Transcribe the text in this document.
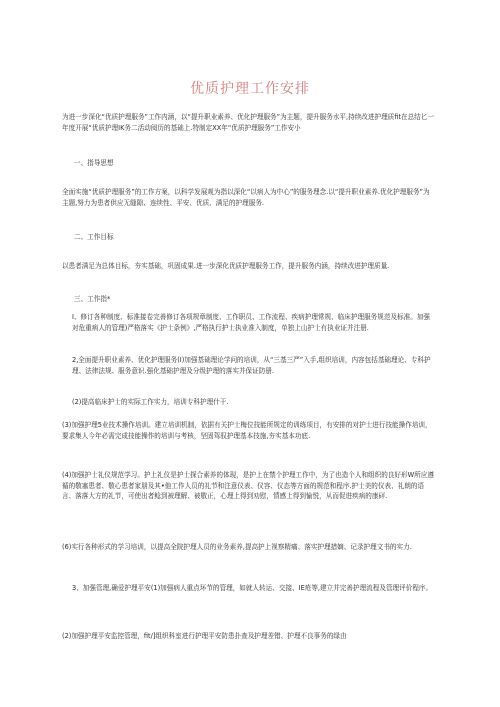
优质护理工作安排

为进一步深化“优质护理服务”工作内涵，以“提升职业素养、优化护理服务”为主题，提升服务水平,持续改进护理质fit在总结匕一年度开展“优质护理IK务二活动阅历的基础上.特制定XX年“优质护理服务”工作安小

一、指导思想

全面实施“优质护理服务”的工作方案，以科学发展观为指以深化“以病人为中心”的服务理念.以“提升职业素养.优化护理服务”为主题,努力为患者供应无缝隙、连续性、平安、优质、满足的护理服务.

二、工作目标

以患者满足为总体目标，夯实基础，巩固成果.进一步深化优质护理服务工作，提升服务内涵，持续改进护理质量.

三、工作指*

I、修订各种制度、标准接卷完善修订各项规章制度、工作职员、工作流程、疾病护理常规、临床护理服务规范及标准。加强对危重病人的管理)严格落实《护士条例》,严格执行护士执业准入制度，单独上山护士有执业证并注册.

2,全面提升职业素养、优化护理服务(I)加强基础理论学问的培训，从“三基三严”入手,组织培训，内容包括基础理论、专科护理、法律法规、服务意识.强化基础护理及分级护理的落实并保证防册.

(2)提高临床护士的实际工作实力，培训专科护理什干.

(3)加强护理5业技术操作培训。建立培训机制，依据有关护士梅位技能所规定的训练项目，有安排的对护士进行技能操作培训，要求集人今年必需完成技能操作的培训与考核，坚固驾驭护理基本技施,夯实基本功底.

(4)加强护士礼仪规范学习。护上礼仪是护士探合素养的体现，是护上在禁个护理工作中，为了也造个人和组织的良好形W所应遵循的敬塞患者、敬心患者家朋及其•他工作人员的礼节和注意仪表、仪容、仪态等方面的规范和程序.护士美的仪表、礼朗的语言、落落大方的礼节，可使出者鲶到被理解、被敬正，心理上得到劝慰，情感上得到愉悦，从而促进疾病的康砰.

(6)实行各种形式的学习培训，以提高全院护理人员的业务素养,提高护上视察精痛、落实护理措嫡、记录护理文书的实力.

3、加强管理,确爱护理平安(1)加强病人重点环节的管理，如就人转运、交接、IE疮等,建立并完善护理流程及管理评价程序。

(2)加强护理平安监控管理，fit/]组织科室进行护理平安防患扑查及护理差错、护理不良事务的绿由
